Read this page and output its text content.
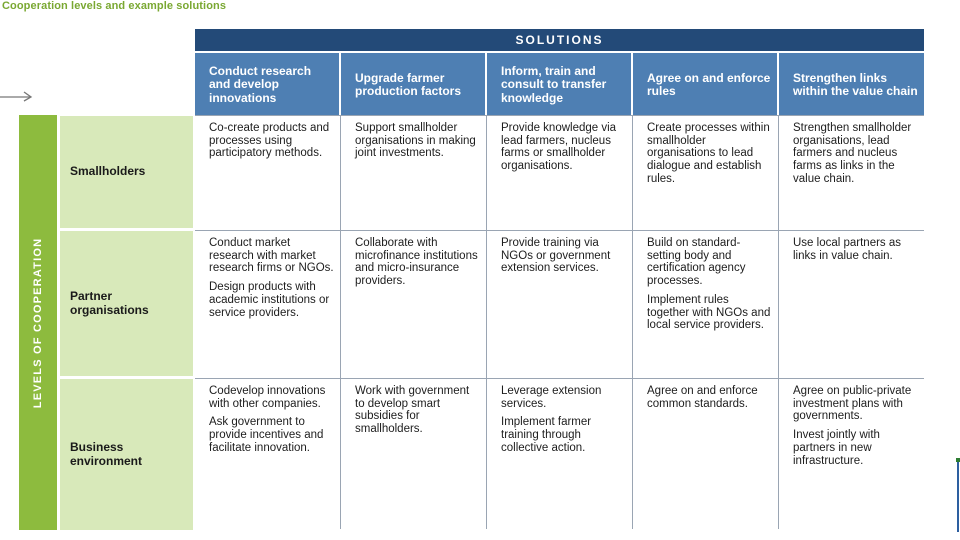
Cooperation levels and example solutions
SOLUTIONS
Conduct research and develop innovations
Upgrade farmer production factors
Inform, train and consult to transfer knowledge
Agree on and enforce rules
Strengthen links within the value chain
LEVELS OF COOPERATION
Smallholders
Partner organisations
Business environment

Co-create products and processes using participatory methods.

Support smallholder organisations in making joint investments.

Provide knowledge via lead farmers, nucleus farms or smallholder organisations.

Create processes within smallholder organisations to lead dialogue and establish rules.

Strengthen smallholder organisations, lead farmers and nucleus farms as links in the value chain.

Conduct market research with market research firms or NGOs.

Design products with academic institutions or service providers.

Collaborate with microfinance institutions and micro-insurance providers.

Provide training via NGOs or government extension services.

Build on standard-setting body and certification agency processes.

Implement rules together with NGOs and local service providers.

Use local partners as links in value chain.

Codevelop innovations with other companies.

Ask government to provide incentives and facilitate innovation.

Work with government to develop smart subsidies for smallholders.

Leverage extension services.

Implement farmer training through collective action.

Agree on and enforce common standards.

Agree on public-private investment plans with governments.

Invest jointly with partners in new infrastructure.
